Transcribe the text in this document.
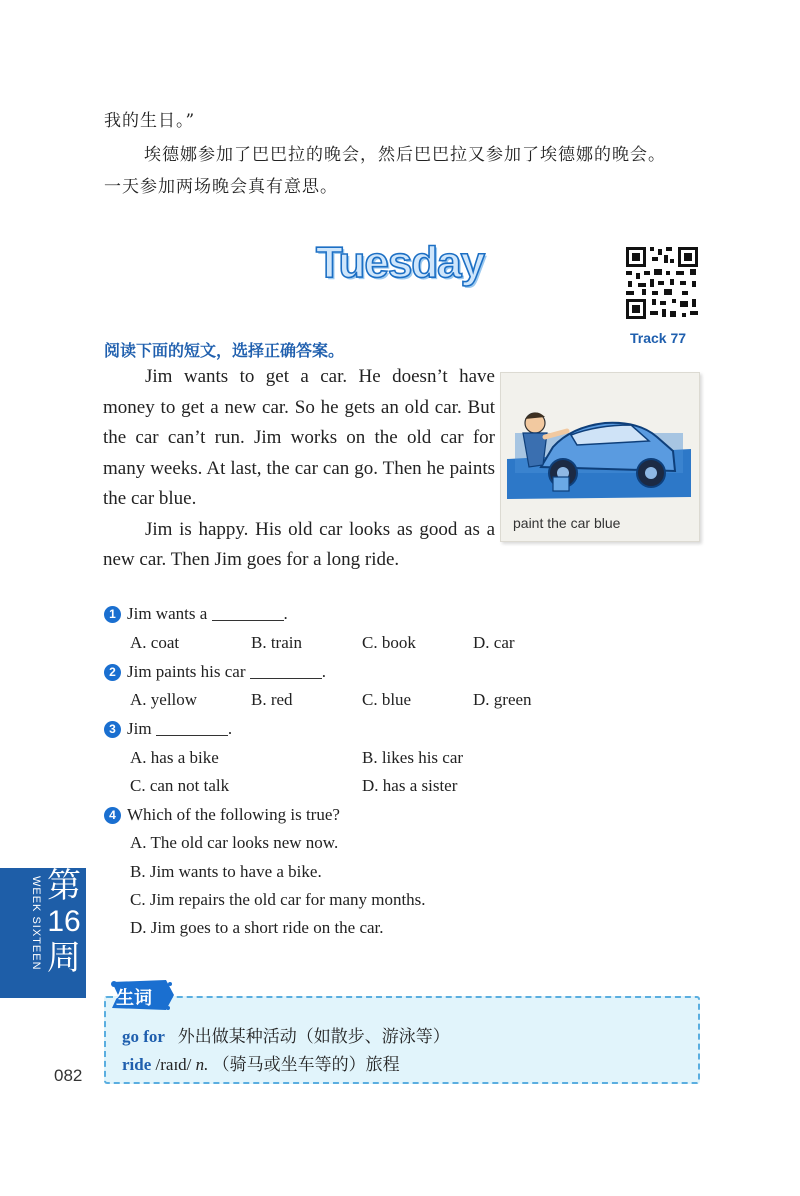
我的生日。”
埃德娜参加了巴巴拉的晚会，然后巴巴拉又参加了埃德娜的晚会。
一天参加两场晚会真有意思。
Tuesday
Track 77
阅读下面的短文，选择正确答案。

Jim wants to get a car. He doesn’t have money to get a new car. So he gets an old car. But the car can’t run. Jim works on the old car for many weeks. At last, the car can go. Then he paints the car blue.

Jim is happy. His old car looks as good as a new car. Then Jim goes for a long ride.

paint the car blue
1 Jim wants a	.
A. coat	B. train	C. book	D. car
2 Jim paints his car	.
A. yellow	B. red	C. blue	D. green
3 Jim	.
A. has a bike	B. likes his car
C. can not talk	D. has a sister
4 Which of the following is true?
A. The old car looks new now.
B. Jim wants to have a bike.
C. Jim repairs the old car for many months.
D. Jim goes to a short ride on the car.
WEEK SIXTEEN 第
16
周
082
go for 外出做某种活动（如散步、游泳等）
ride /raɪd/ n. （骑马或坐车等的）旅程
生词
